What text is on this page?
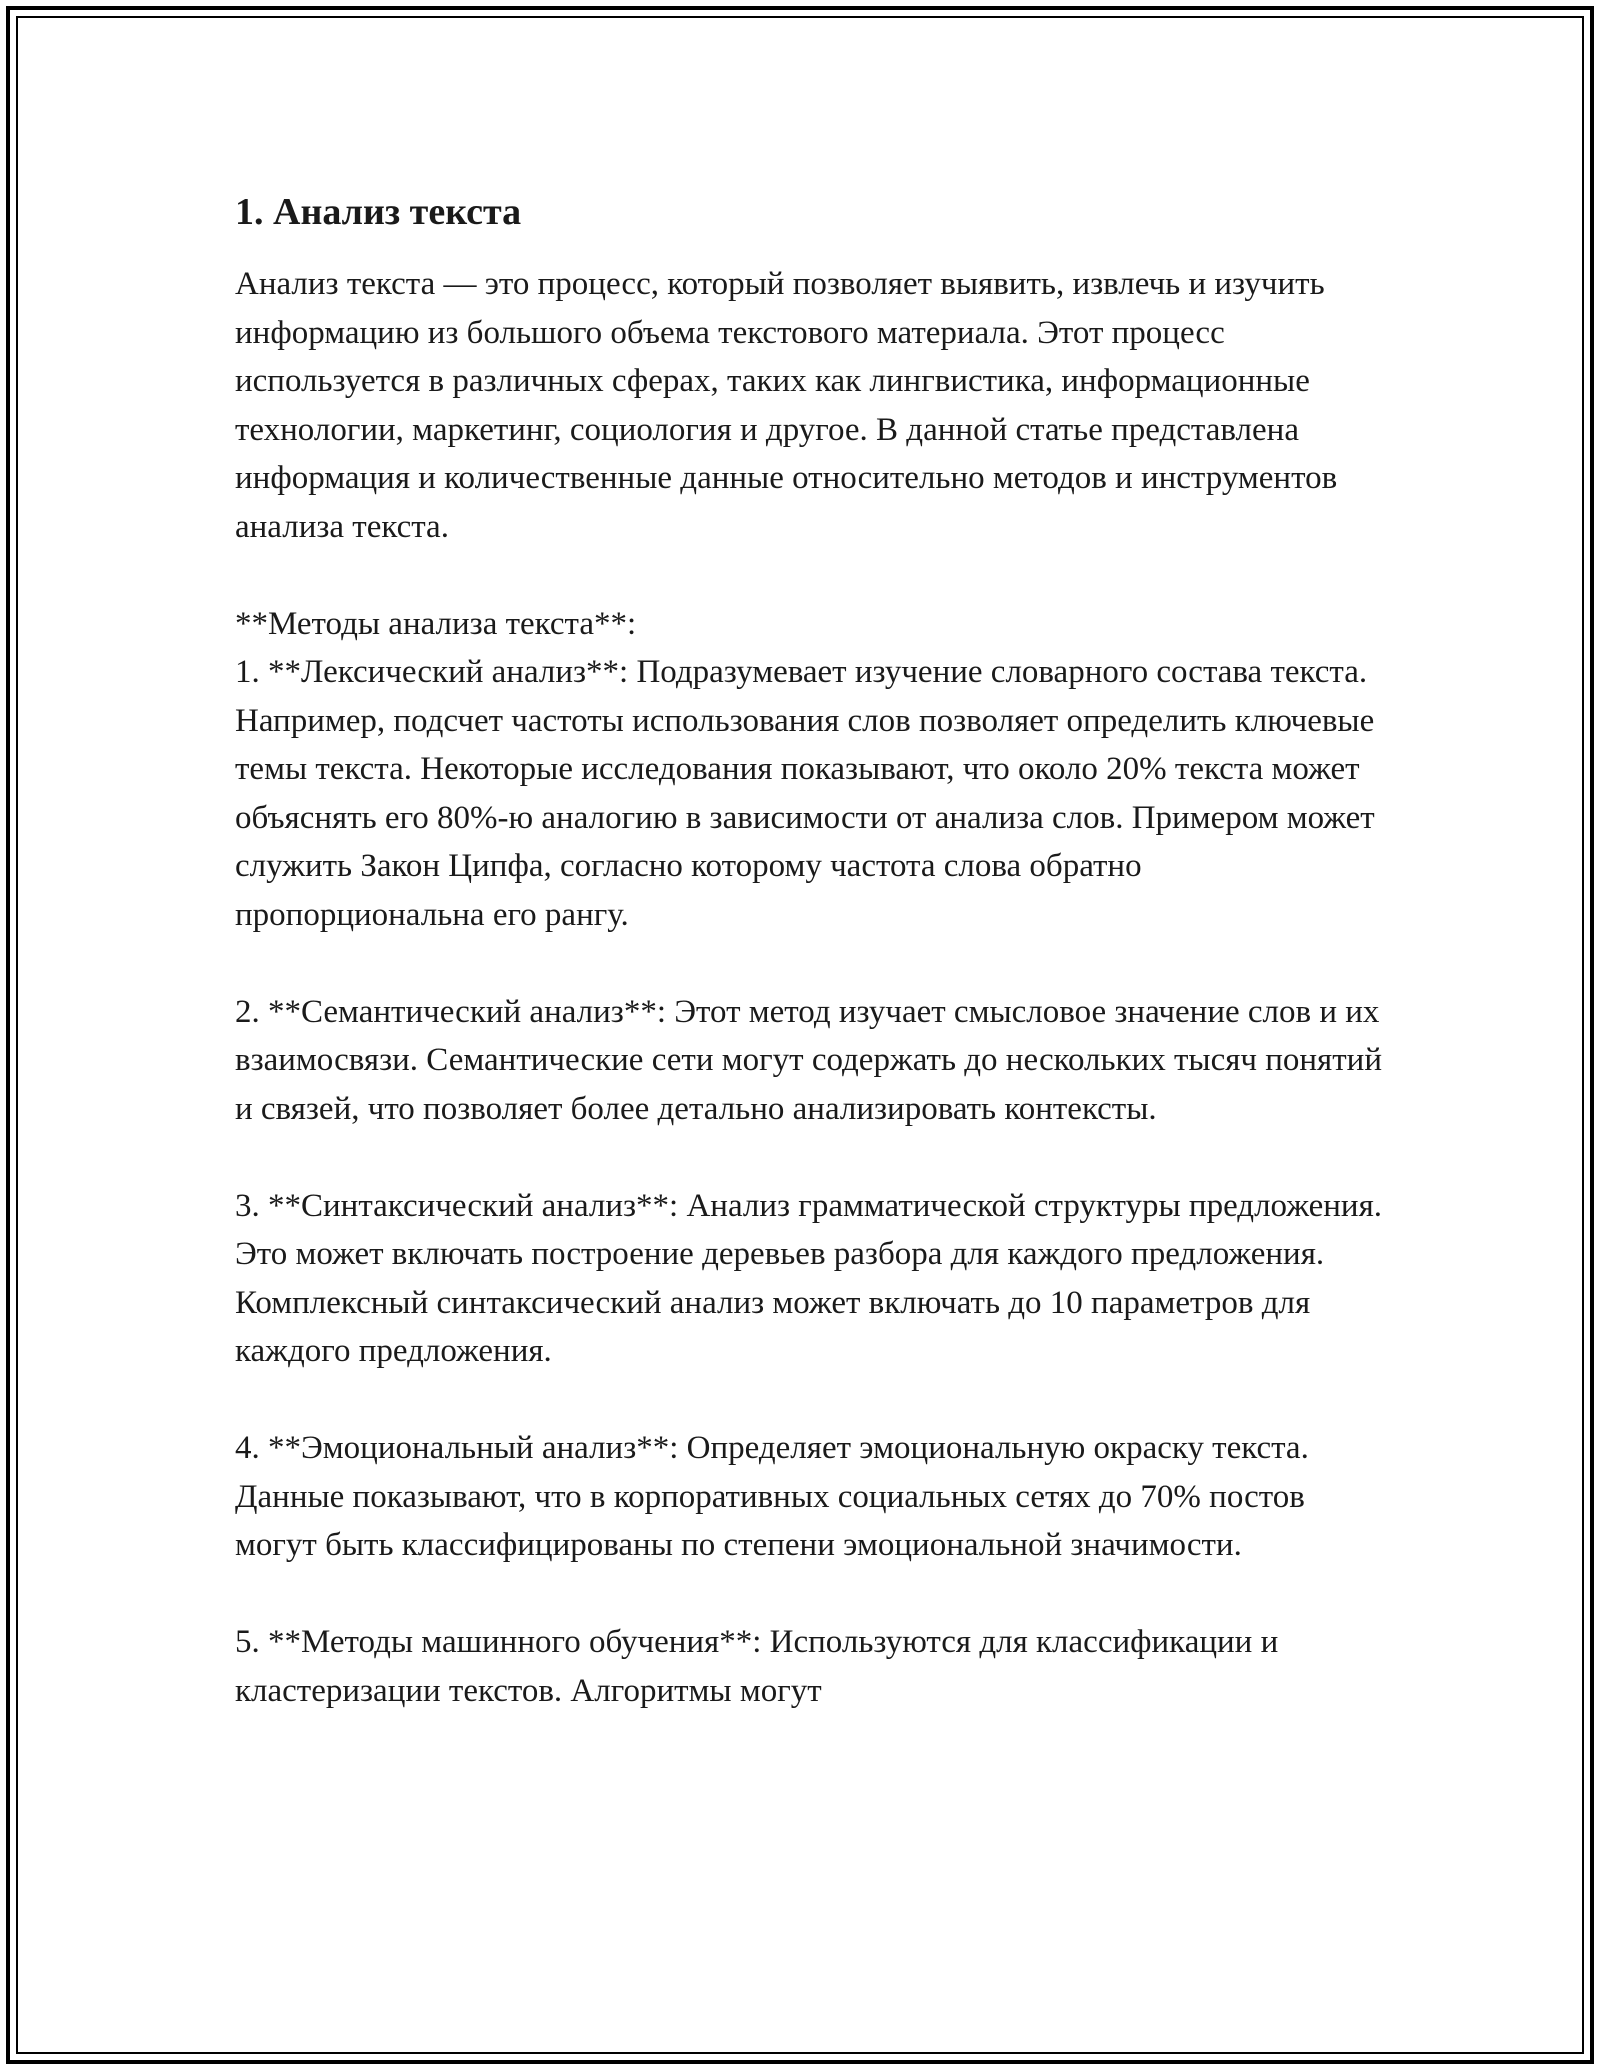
1. Анализ текста
Анализ текста — это процесс, который позволяет выявить, извлечь и изучить информацию из большого объема текстового материала. Этот процесс используется в различных сферах, таких как лингвистика, информационные технологии, маркетинг, социология и другое. В данной статье представлена информация и количественные данные относительно методов и инструментов анализа текста.
**Методы анализа текста**:
1. **Лексический анализ**: Подразумевает изучение словарного состава текста. Например, подсчет частоты использования слов позволяет определить ключевые темы текста. Некоторые исследования показывают, что около 20% текста может объяснять его 80%-ю аналогию в зависимости от анализа слов. Примером может служить Закон Ципфа, согласно которому частота слова обратно пропорциональна его рангу.
2. **Семантический анализ**: Этот метод изучает смысловое значение слов и их взаимосвязи. Семантические сети могут содержать до нескольких тысяч понятий и связей, что позволяет более детально анализировать контексты.
3. **Синтаксический анализ**: Анализ грамматической структуры предложения. Это может включать построение деревьев разбора для каждого предложения. Комплексный синтаксический анализ может включать до 10 параметров для каждого предложения.
4. **Эмоциональный анализ**: Определяет эмоциональную окраску текста. Данные показывают, что в корпоративных социальных сетях до 70% постов могут быть классифицированы по степени эмоциональной значимости.
5. **Методы машинного обучения**: Используются для классификации и кластеризации текстов. Алгоритмы могут
